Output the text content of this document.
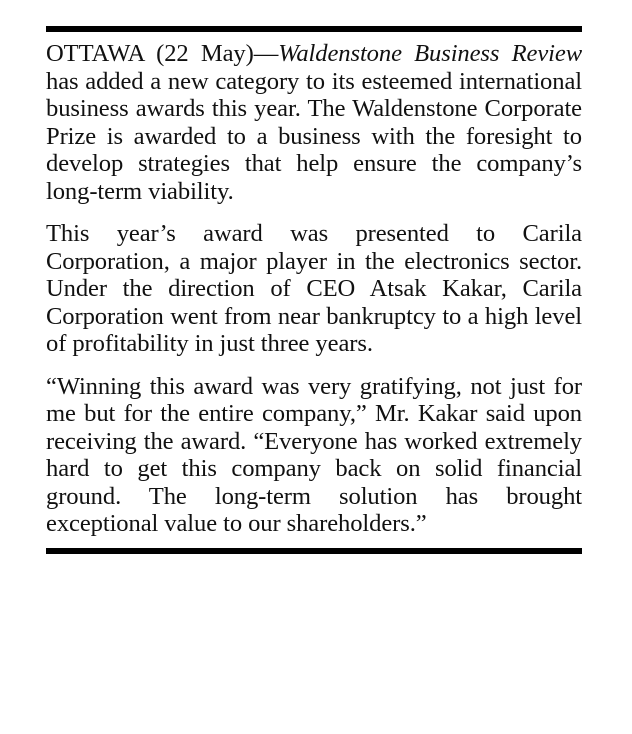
OTTAWA (22 May)—Waldenstone Business Review has added a new category to its esteemed international business awards this year. The Waldenstone Corporate Prize is awarded to a business with the foresight to develop strategies that help ensure the company’s long-term viability.

This year’s award was presented to Carila Corporation, a major player in the electronics sector. Under the direction of CEO Atsak Kakar, Carila Corporation went from near bankruptcy to a high level of profitability in just three years.

“Winning this award was very gratifying, not just for me but for the entire company,” Mr. Kakar said upon receiving the award. “Everyone has worked extremely hard to get this company back on solid financial ground. The long-term solution has brought exceptional value to our shareholders.”
